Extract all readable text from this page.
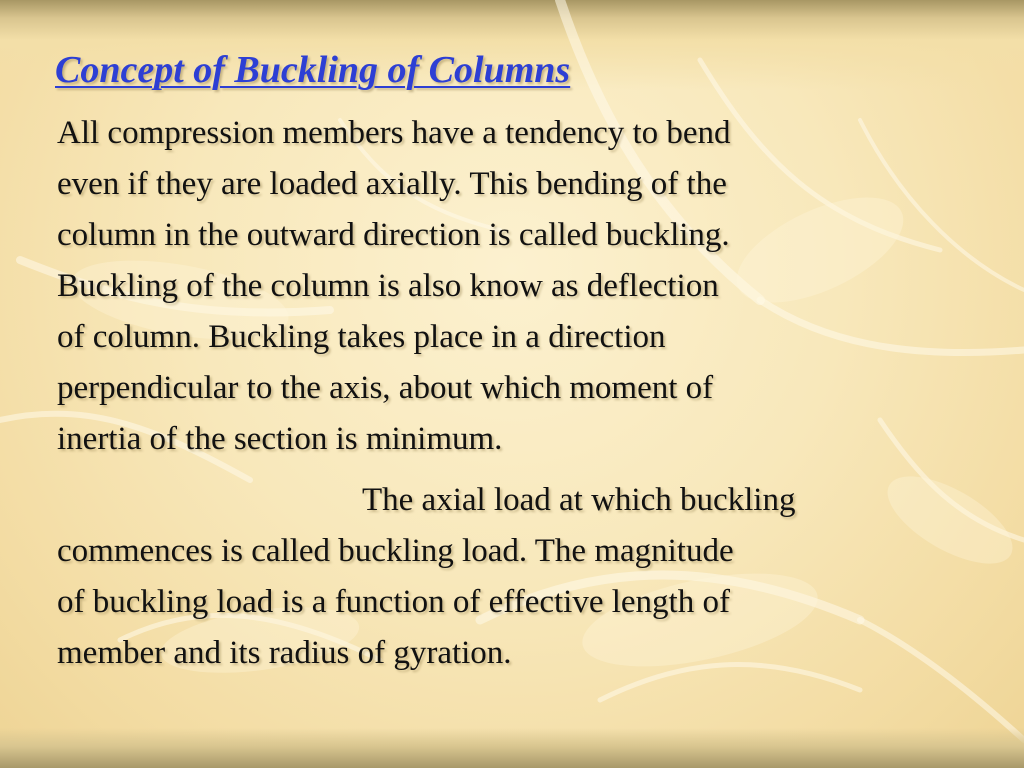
Concept of Buckling of Columns

All compression members have a tendency to bend
even if they are loaded axially. This bending of the
column in the outward direction is called buckling.
Buckling of the column is also know as deflection
of column. Buckling takes place in a direction
perpendicular to the axis, about which moment of
inertia of the section is minimum.

The axial load at which buckling
commences is called buckling load. The magnitude
of buckling load is a function of effective length of
member and its radius of gyration.
